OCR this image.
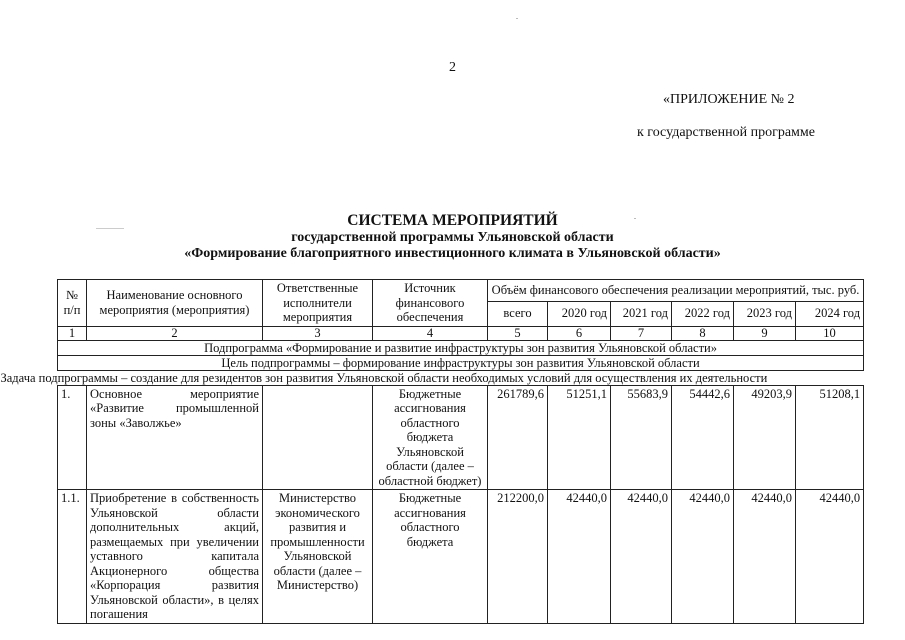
2
«ПРИЛОЖЕНИЕ № 2
к государственной программе
СИСТЕМА МЕРОПРИЯТИЙ
государственной программы Ульяновской области
«Формирование благоприятного инвестиционного климата в Ульяновской области»
№ п/п	Наименование основного мероприятия (мероприятия)	Ответственные исполнители мероприятия	Источник финансового обеспечения	Объём финансового обеспечения реализации мероприятий, тыс. руб.					
				всего	2020 год	2021 год	2022 год	2023 год	2024 год
1	2	3	4	5	6	7	8	9	10
Подпрограмма «Формирование и развитие инфраструктуры зон развития Ульяновской области»									
Цель подпрограммы – формирование инфраструктуры зон развития Ульяновской области									

Задача подпрограммы – создание для резидентов зон развития Ульяновской области необходимых условий для осуществления их деятельности									

1.	Основное мероприятие «Развитие промышленной зоны «Заволжье»		Бюджетные ассигнования областного бюджета Ульяновской области (далее – областной бюджет)	261789,6	51251,1	55683,9	54442,6	49203,9	51208,1
1.1.	Приобретение в собственность Ульяновской области дополнительных акций, размещаемых при увеличении уставного капитала Акционерного общества «Корпорация развития Ульяновской области», в целях погашения	Министерство экономического развития и промышленности Ульяновской области (далее – Министерство)	Бюджетные ассигнования областного бюджета	212200,0	42440,0	42440,0	42440,0	42440,0	42440,0
